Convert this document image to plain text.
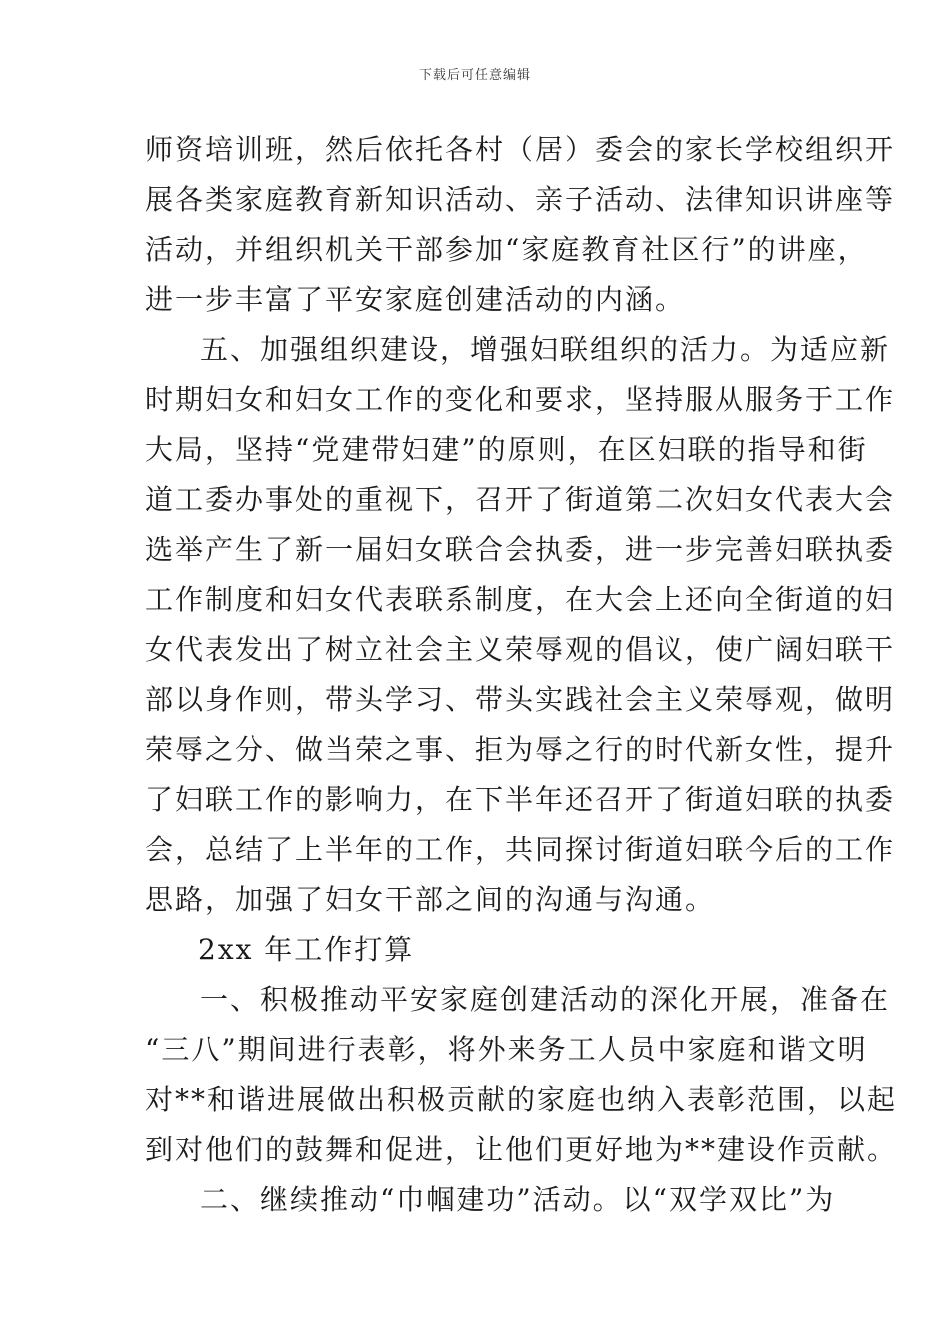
下载后可任意编辑
师资培训班，然后依托各村（居）委会的家长学校组织开
展各类家庭教育新知识活动、亲子活动、法律知识讲座等
活动，并组织机关干部参加“家庭教育社区行”的讲座，
进一步丰富了平安家庭创建活动的内涵。
五、加强组织建设，增强妇联组织的活力。为适应新
时期妇女和妇女工作的变化和要求，坚持服从服务于工作
大局，坚持“党建带妇建”的原则，在区妇联的指导和街
道工委办事处的重视下，召开了街道第二次妇女代表大会
选举产生了新一届妇女联合会执委，进一步完善妇联执委
工作制度和妇女代表联系制度，在大会上还向全街道的妇
女代表发出了树立社会主义荣辱观的倡议，使广阔妇联干
部以身作则，带头学习、带头实践社会主义荣辱观，做明
荣辱之分、做当荣之事、拒为辱之行的时代新女性，提升
了妇联工作的影响力，在下半年还召开了街道妇联的执委
会，总结了上半年的工作，共同探讨街道妇联今后的工作
思路，加强了妇女干部之间的沟通与沟通。
2xx 年工作打算
一、积极推动平安家庭创建活动的深化开展，准备在
“三八”期间进行表彰，将外来务工人员中家庭和谐文明
对**和谐进展做出积极贡献的家庭也纳入表彰范围，以起
到对他们的鼓舞和促进，让他们更好地为**建设作贡献。
二、继续推动“巾帼建功”活动。以“双学双比”为
